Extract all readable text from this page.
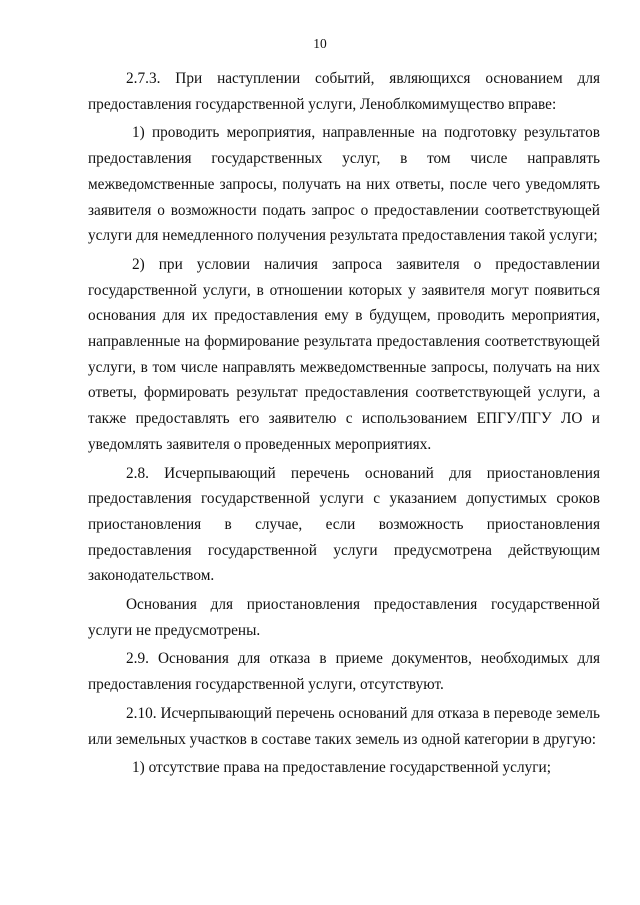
10

2.7.3. При наступлении событий, являющихся основанием для предоставления государственной услуги, Леноблкомимущество вправе:

1) проводить мероприятия, направленные на подготовку результатов предоставления государственных услуг, в том числе направлять межведомственные запросы, получать на них ответы, после чего уведомлять заявителя о возможности подать запрос о предоставлении соответствующей услуги для немедленного получения результата предоставления такой услуги;

2) при условии наличия запроса заявителя о предоставлении государственной услуги, в отношении которых у заявителя могут появиться основания для их предоставления ему в будущем, проводить мероприятия, направленные на формирование результата предоставления соответствующей услуги, в том числе направлять межведомственные запросы, получать на них ответы, формировать результат предоставления соответствующей услуги, а также предоставлять его заявителю с использованием ЕПГУ/ПГУ ЛО и уведомлять заявителя о проведенных мероприятиях.

2.8. Исчерпывающий перечень оснований для приостановления предоставления государственной услуги с указанием допустимых сроков приостановления в случае, если возможность приостановления предоставления государственной услуги предусмотрена действующим законодательством.

Основания для приостановления предоставления государственной услуги не предусмотрены.

2.9. Основания для отказа в приеме документов, необходимых для предоставления государственной услуги, отсутствуют.

2.10. Исчерпывающий перечень оснований для отказа в переводе земель или земельных участков в составе таких земель из одной категории в другую:

1) отсутствие права на предоставление государственной услуги;
